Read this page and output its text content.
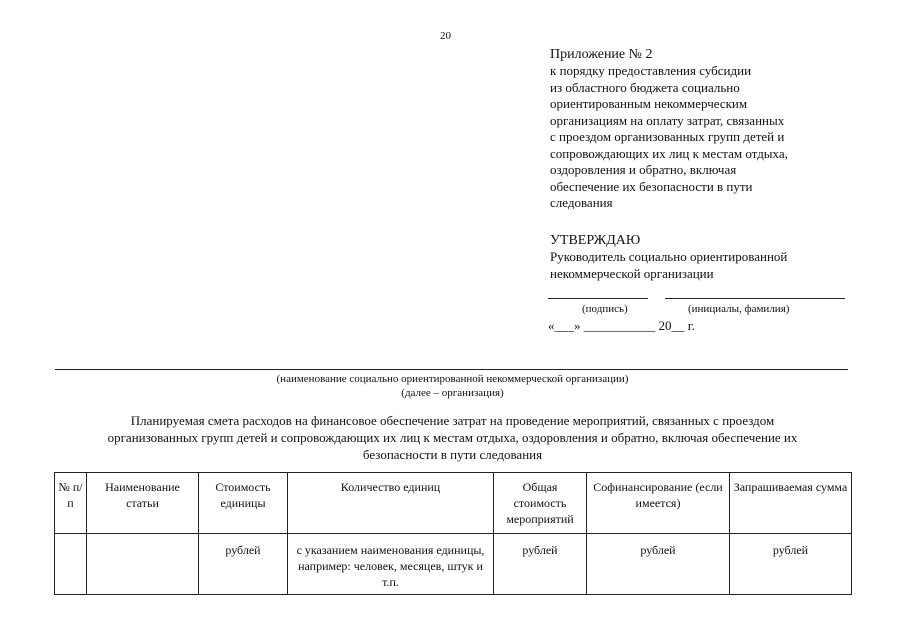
20
Приложение № 2
к порядку предоставления субсидии
из областного бюджета социально
ориентированным некоммерческим
организациям на оплату затрат, связанных
с проездом организованных групп детей и
сопровождающих их лиц к местам отдыха,
оздоровления и обратно, включая
обеспечение их безопасности в пути
следования
УТВЕРЖДАЮ
Руководитель социально ориентированной
некоммерческой организации
(подпись)	(инициалы, фамилия)
«___» ___________ 20__ г.
(наименование социально ориентированной некоммерческой организации)
(далее – организация)
Планируемая смета расходов на финансовое обеспечение затрат на проведение мероприятий, связанных с проездом
организованных групп детей и сопровождающих их лиц к местам отдыха, оздоровления и обратно, включая обеспечение их
безопасности в пути следования
№ п/п	Наименование статьи	Стоимость единицы	Количество единиц	Общая стоимость мероприятий	Софинансирование (если имеется)	Запрашиваемая сумма
		рублей	с указанием наименования единицы, например: человек, месяцев, штук и т.п.	рублей	рублей	рублей
